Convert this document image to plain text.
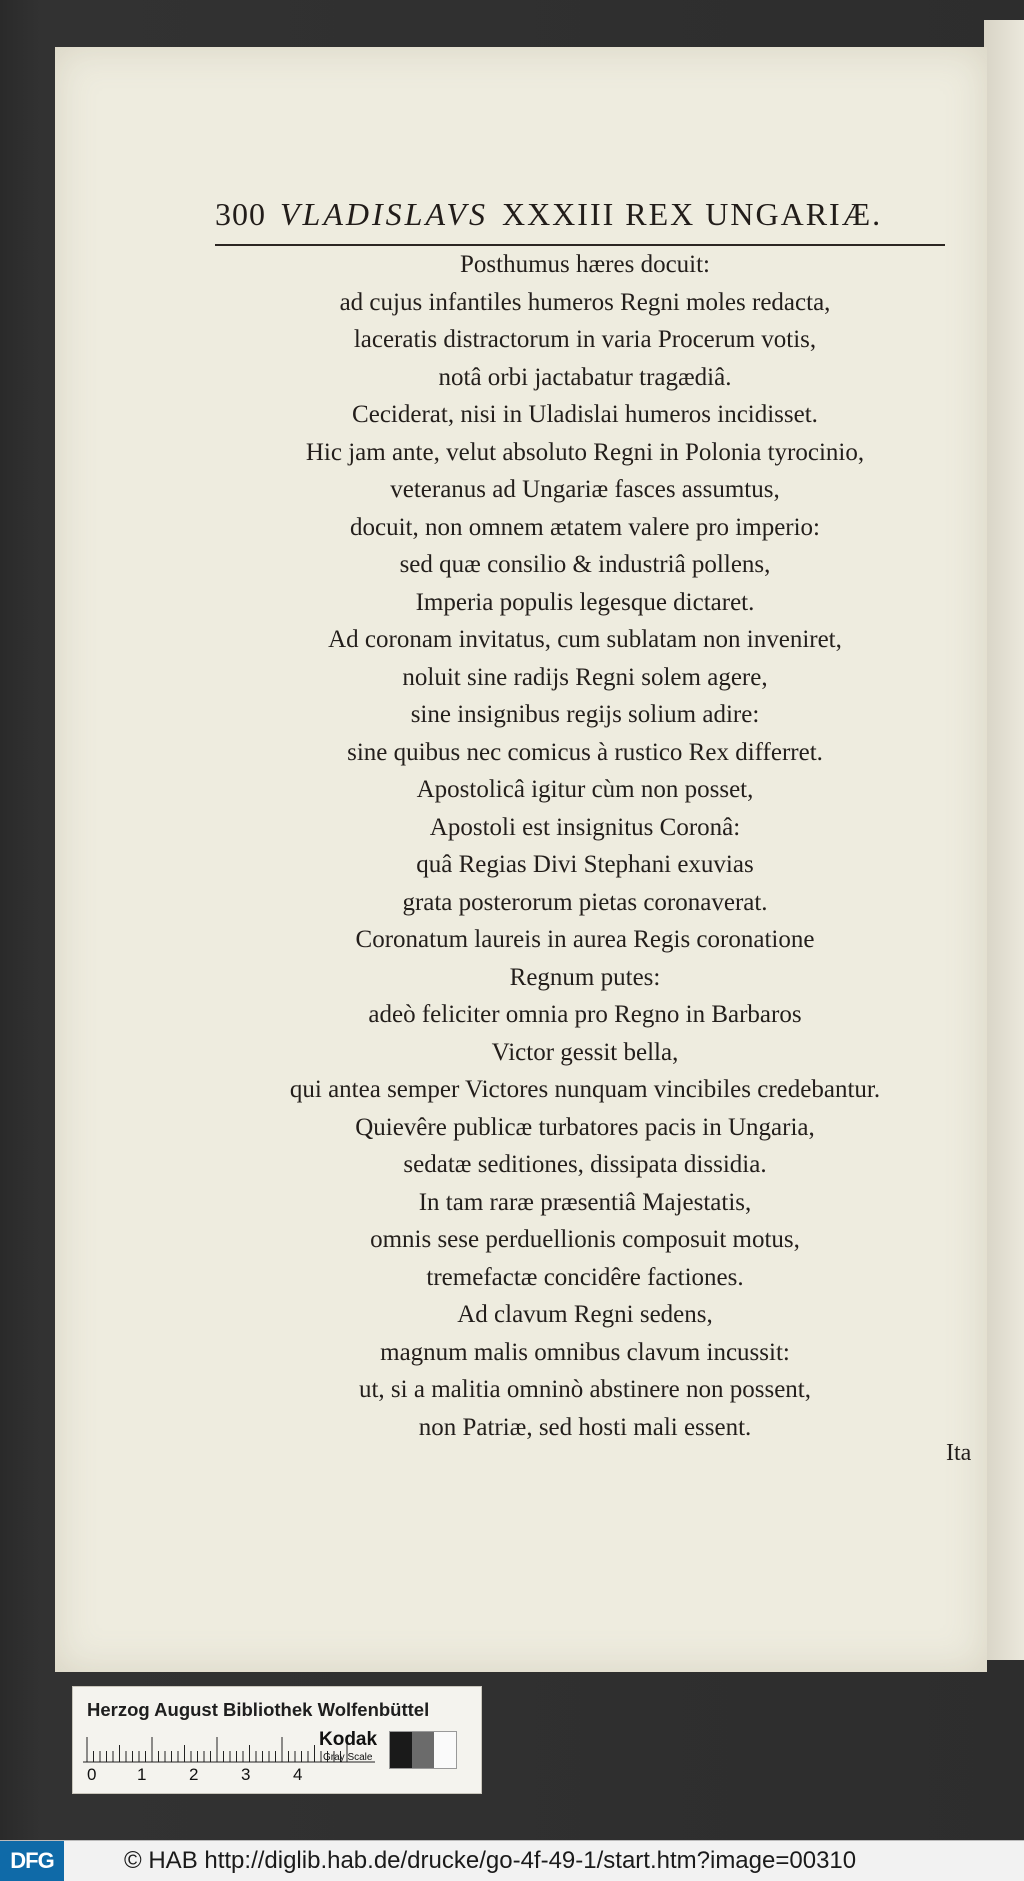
300 VLADISLAVS XXXIII REX UNGARIÆ.
Posthumus hæres docuit:
ad cujus infantiles humeros Regni moles redacta,
laceratis distractorum in varia Procerum votis,
notâ orbi jactabatur tragædiâ.
Ceciderat, nisi in Uladislai humeros incidisset.
Hic jam ante, velut absoluto Regni in Polonia tyrocinio,
veteranus ad Ungariæ fasces assumtus,
docuit, non omnem ætatem valere pro imperio:
sed quæ consilio & industriâ pollens,
Imperia populis legesque dictaret.
Ad coronam invitatus, cum sublatam non inveniret,
noluit sine radijs Regni solem agere,
sine insignibus regijs solium adire:
sine quibus nec comicus à rustico Rex differret.
Apostolicâ igitur cùm non posset,
Apostoli est insignitus Coronâ:
quâ Regias Divi Stephani exuvias
grata posterorum pietas coronaverat.
Coronatum laureis in aurea Regis coronatione
Regnum putes:
adeò feliciter omnia pro Regno in Barbaros
Victor gessit bella,
qui antea semper Victores nunquam vincibiles credebantur.
Quievêre publicæ turbatores pacis in Ungaria,
sedatæ seditiones, dissipata dissidia.
In tam raræ præsentiâ Majestatis,
omnis sese perduellionis composuit motus,
tremefactæ concidêre factiones.
Ad clavum Regni sedens,
magnum malis omnibus clavum incussit:
ut, si a malitia omninò abstinere non possent,
non Patriæ, sed hosti mali essent.
Ita
Herzog August Bibliothek Wolfenbüttel
0 1	2	3	4
Kodak
Gray Scale
DFG	© HAB http://diglib.hab.de/drucke/go-4f-49-1/start.htm?image=00310
